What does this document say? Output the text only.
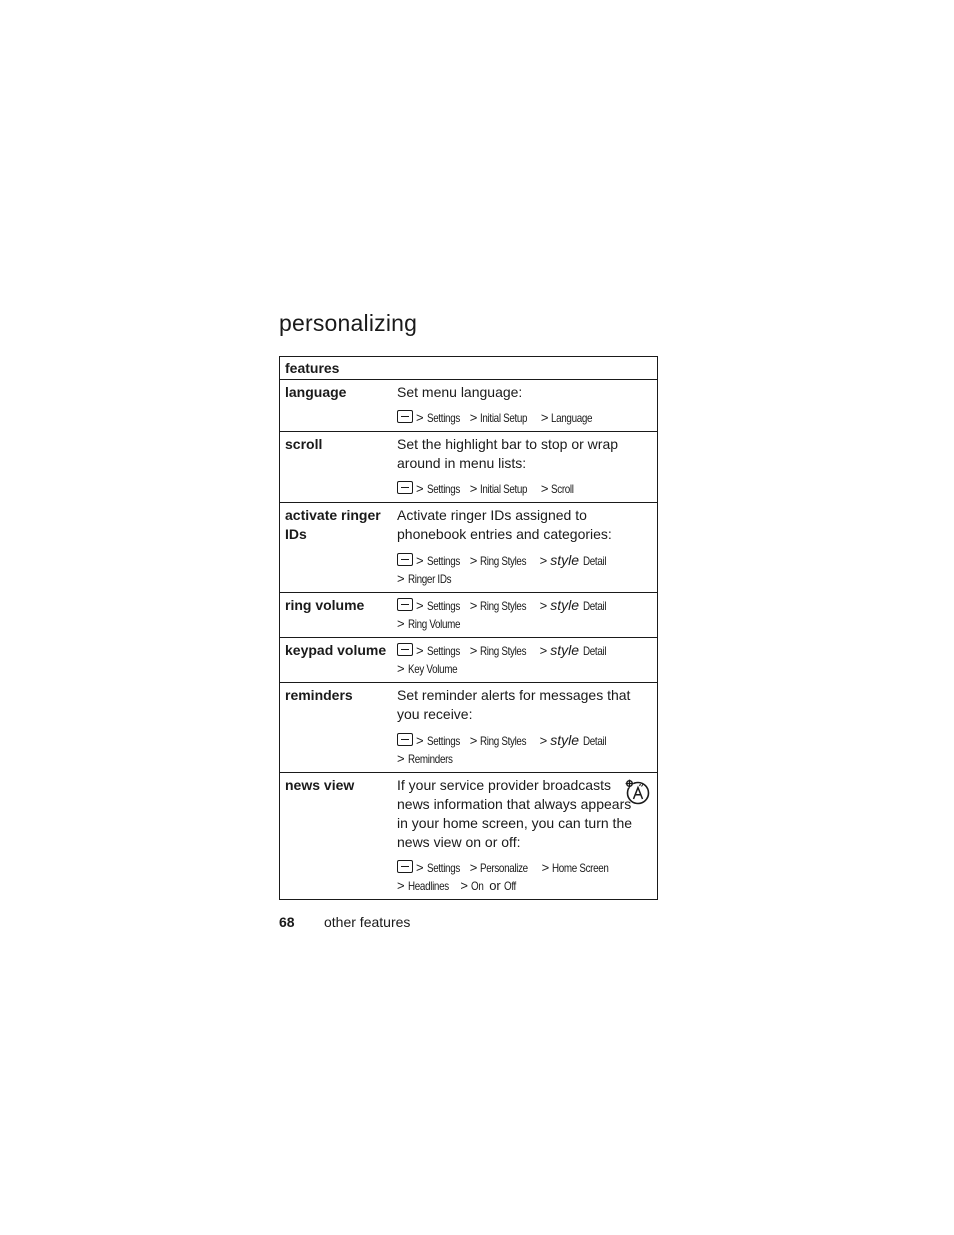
personalizing
features	
language	Set menu language:

> Settings > Initial Setup > Language

scroll	Set the highlight bar to stop or wrap around in menu lists:

> Settings > Initial Setup > Scroll

activate ringer IDs	Activate ringer IDs assigned to phonebook entries and categories:

> Settings > Ring Styles > style Detail
> Ringer IDs

ring volume	> Settings > Ring Styles > style Detail
> Ring Volume

keypad volume	> Settings > Ring Styles > style Detail
> Key Volume

reminders	Set reminder alerts for messages that you receive:

> Settings > Ring Styles > style Detail
> Reminders

news view	If your service provider broadcasts news information that always appears in your home screen, you can turn the news view on or off:

> Settings > Personalize > Home Screen
> Headlines > On or Off
68 other features
